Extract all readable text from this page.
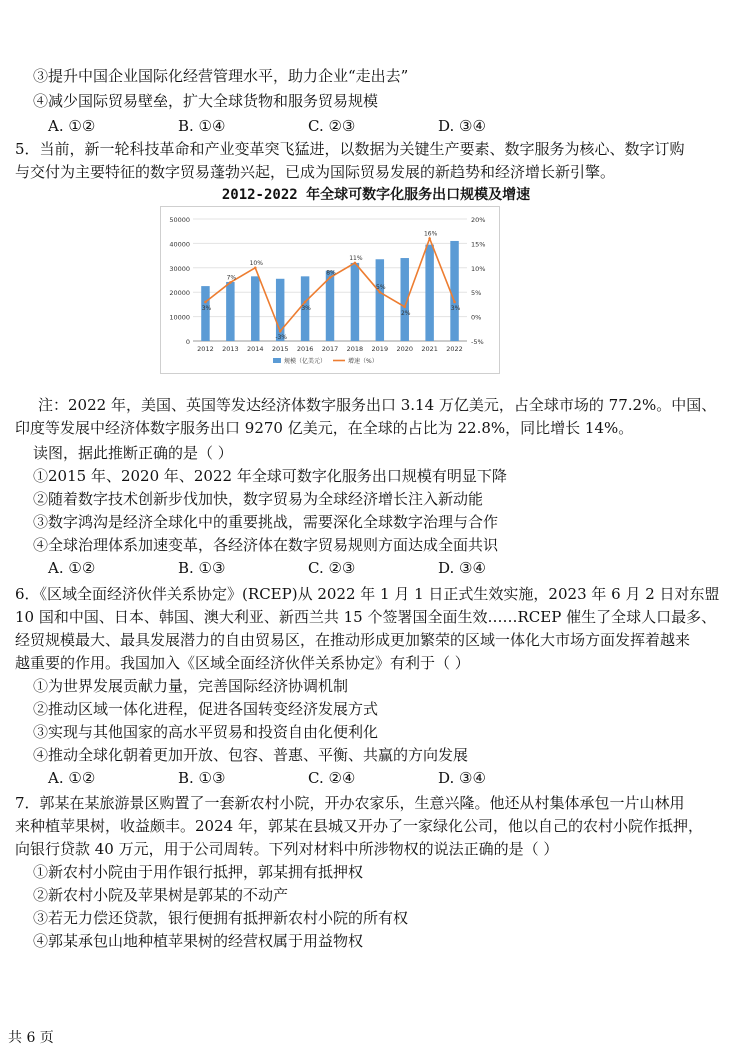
③提升中国企业国际化经营管理水平，助力企业“走出去”
④减少国际贸易壁垒，扩大全球货物和服务贸易规模
A. ①②	B. ①④	C. ②③	D. ③④
5．当前，新一轮科技革命和产业变革突飞猛进，以数据为关键生产要素、数字服务为核心、数字订购
与交付为主要特征的数字贸易蓬勃兴起，已成为国际贸易发展的新趋势和经济增长新引擎。
2012-2022 年全球可数字化服务出口规模及增速
50000
40000
30000
20000
10000
0
20%
15%
10%
5%
0%
-5%
2012 2013 2014 2015 2016 2017 2018 2019 2020 2021 2022
3%
7%
10%
-3%
3%
8%
11%
5%
2%
16%
3%
规模（亿美元）	增速（%）
注：2022 年，美国、英国等发达经济体数字服务出口 3.14 万亿美元，占全球市场的 77.2%。中国、
印度等发展中经济体数字服务出口 9270 亿美元，在全球的占比为 22.8%，同比增长 14%。
读图，据此推断正确的是（ ）
①2015 年、2020 年、2022 年全球可数字化服务出口规模有明显下降
②随着数字技术创新步伐加快，数字贸易为全球经济增长注入新动能
③数字鸿沟是经济全球化中的重要挑战，需要深化全球数字治理与合作
④全球治理体系加速变革，各经济体在数字贸易规则方面达成全面共识
A. ①②	B. ①③	C. ②③	D. ③④
6．《区域全面经济伙伴关系协定》(RCEP)从 2022 年 1 月 1 日正式生效实施，2023 年 6 月 2 日对东盟
10 国和中国、日本、韩国、澳大利亚、新西兰共 15 个签署国全面生效……RCEP 催生了全球人口最多、
经贸规模最大、最具发展潜力的自由贸易区，在推动形成更加繁荣的区域一体化大市场方面发挥着越来
越重要的作用。我国加入《区域全面经济伙伴关系协定》有利于（ ）
①为世界发展贡献力量，完善国际经济协调机制
②推动区域一体化进程，促进各国转变经济发展方式
③实现与其他国家的高水平贸易和投资自由化便利化
④推动全球化朝着更加开放、包容、普惠、平衡、共赢的方向发展
A. ①②	B. ①③	C. ②④	D. ③④
7．郭某在某旅游景区购置了一套新农村小院，开办农家乐，生意兴隆。他还从村集体承包一片山林用
来种植苹果树，收益颇丰。2024 年，郭某在县城又开办了一家绿化公司，他以自己的农村小院作抵押，
向银行贷款 40 万元，用于公司周转。下列对材料中所涉物权的说法正确的是（ ）
①新农村小院由于用作银行抵押，郭某拥有抵押权
②新农村小院及苹果树是郭某的不动产
③若无力偿还贷款，银行便拥有抵押新农村小院的所有权
④郭某承包山地种植苹果树的经营权属于用益物权
共 6 页
